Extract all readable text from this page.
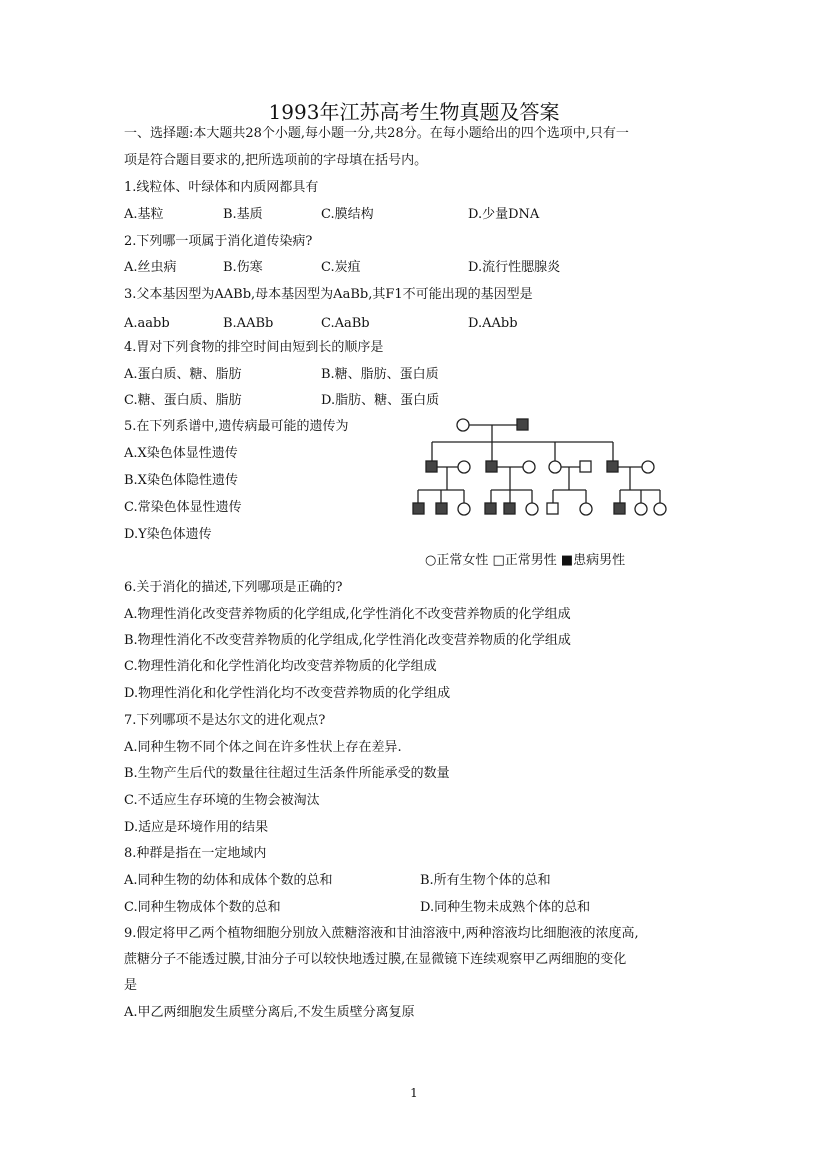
1993年江苏高考生物真题及答案
一、选择题:本大题共28个小题,每小题一分,共28分。在每小题给出的四个选项中,只有一
项是符合题目要求的,把所选项前的字母填在括号内。
1.线粒体、叶绿体和内质网都具有
A.基粒	B.基质	C.膜结构	D.少量DNA
2.下列哪一项属于消化道传染病?
A.丝虫病	B.伤寒	C.炭疽	D.流行性腮腺炎
3.父本基因型为AABb,母本基因型为AaBb,其F1不可能出现的基因型是
A.aabb	B.AABb	C.AaBb	D.AAbb
4.胃对下列食物的排空时间由短到长的顺序是
A.蛋白质、糖、脂肪	B.糖、脂肪、蛋白质
C.糖、蛋白质、脂肪	D.脂肪、糖、蛋白质
5.在下列系谱中,遗传病最可能的遗传为
A.X染色体显性遗传
B.X染色体隐性遗传
C.常染色体显性遗传
D.Y染色体遗传
○正常女性 □正常男性 ■患病男性
6.关于消化的描述,下列哪项是正确的?
A.物理性消化改变营养物质的化学组成,化学性消化不改变营养物质的化学组成
B.物理性消化不改变营养物质的化学组成,化学性消化改变营养物质的化学组成
C.物理性消化和化学性消化均改变营养物质的化学组成
D.物理性消化和化学性消化均不改变营养物质的化学组成
7.下列哪项不是达尔文的进化观点?
A.同种生物不同个体之间在许多性状上存在差异.
B.生物产生后代的数量往往超过生活条件所能承受的数量
C.不适应生存环境的生物会被淘汰
D.适应是环境作用的结果
8.种群是指在一定地域内
A.同种生物的幼体和成体个数的总和	B.所有生物个体的总和
C.同种生物成体个数的总和	D.同种生物未成熟个体的总和
9.假定将甲乙两个植物细胞分别放入蔗糖溶液和甘油溶液中,两种溶液均比细胞液的浓度高,
蔗糖分子不能透过膜,甘油分子可以较快地透过膜,在显微镜下连续观察甲乙两细胞的变化
是
A.甲乙两细胞发生质壁分离后,不发生质壁分离复原
1
